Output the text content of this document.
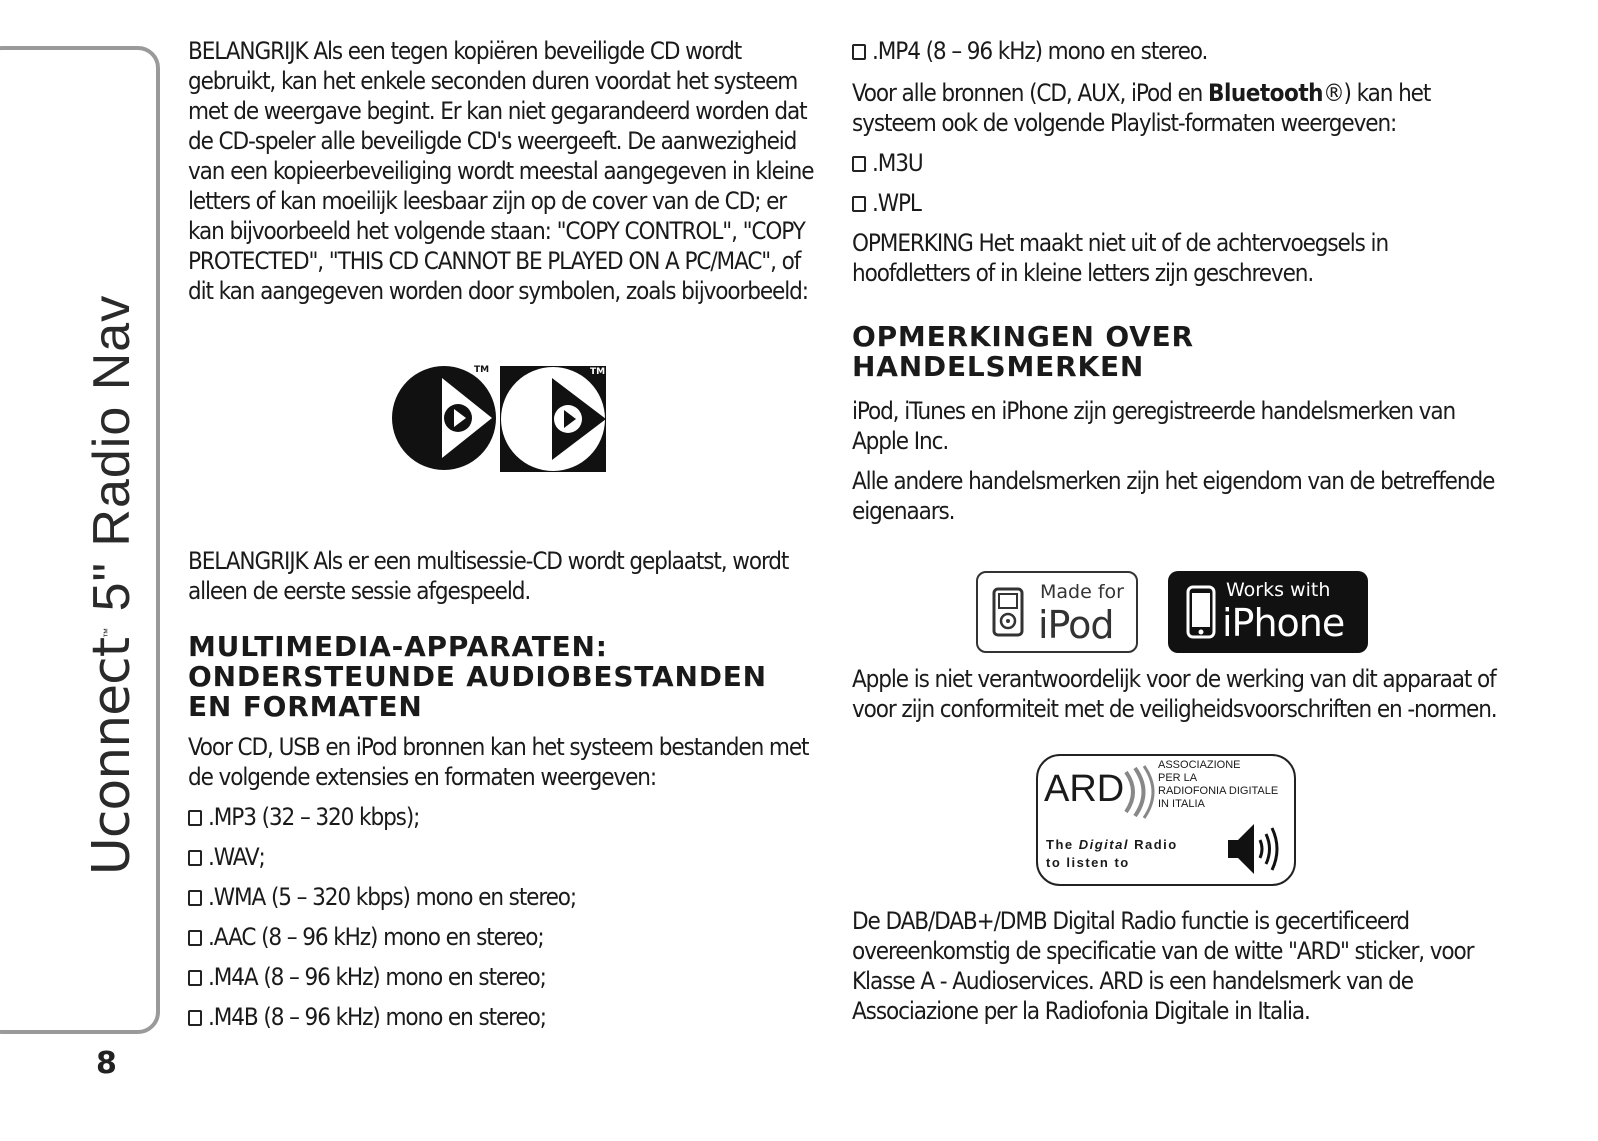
Uconnect™ 5" Radio Nav
8

BELANGRIJK Als een tegen kopiëren beveiligde CD wordt gebruikt, kan het enkele seconden duren voordat het systeem met de weergave begint. Er kan niet gegarandeerd worden dat de CD-speler alle beveiligde CD's weergeeft. De aanwezigheid van een kopieerbeveiliging wordt meestal aangegeven in kleine letters of kan moeilijk leesbaar zijn op de cover van de CD; er kan bijvoorbeeld het volgende staan: "COPY CONTROL", "COPY PROTECTED", "THIS CD CANNOT BE PLAYED ON A PC/MAC", of dit kan aangegeven worden door symbolen, zoals bijvoorbeeld:

BELANGRIJK Als er een multisessie-CD wordt geplaatst, wordt alleen de eerste sessie afgespeeld.

MULTIMEDIA-APPARATEN: ONDERSTEUNDE AUDIOBESTANDEN EN FORMATEN

Voor CD, USB en iPod bronnen kan het systeem bestanden met de volgende extensies en formaten weergeven:

.MP3 (32 – 320 kbps);
.WAV;
.WMA (5 – 320 kbps) mono en stereo;
.AAC (8 – 96 kHz) mono en stereo;
.M4A (8 – 96 kHz) mono en stereo;
.M4B (8 – 96 kHz) mono en stereo;
TM	TM
.MP4 (8 – 96 kHz) mono en stereo.

Voor alle bronnen (CD, AUX, iPod en Bluetooth®) kan het systeem ook de volgende Playlist-formaten weergeven:

.M3U
.WPL

OPMERKING Het maakt niet uit of de achtervoegsels in hoofdletters of in kleine letters zijn geschreven.

OPMERKINGEN OVER HANDELSMERKEN

iPod, iTunes en iPhone zijn geregistreerde handelsmerken van Apple Inc.

Alle andere handelsmerken zijn het eigendom van de betreffende eigenaars.

Apple is niet verantwoordelijk voor de werking van dit apparaat of voor zijn conformiteit met de veiligheidsvoorschriften en -normen.

De DAB/DAB+/DMB Digital Radio functie is gecertificeerd overeenkomstig de specificatie van de witte "ARD" sticker, voor Klasse A - Audioservices. ARD is een handelsmerk van de Associazione per la Radiofonia Digitale in Italia.

Made for
iPod
Works with
iPhone
ARD
ASSOCIAZIONE
PER LA
RADIOFONIA DIGITALE
IN ITALIA
The Digital Radio
to listen to
